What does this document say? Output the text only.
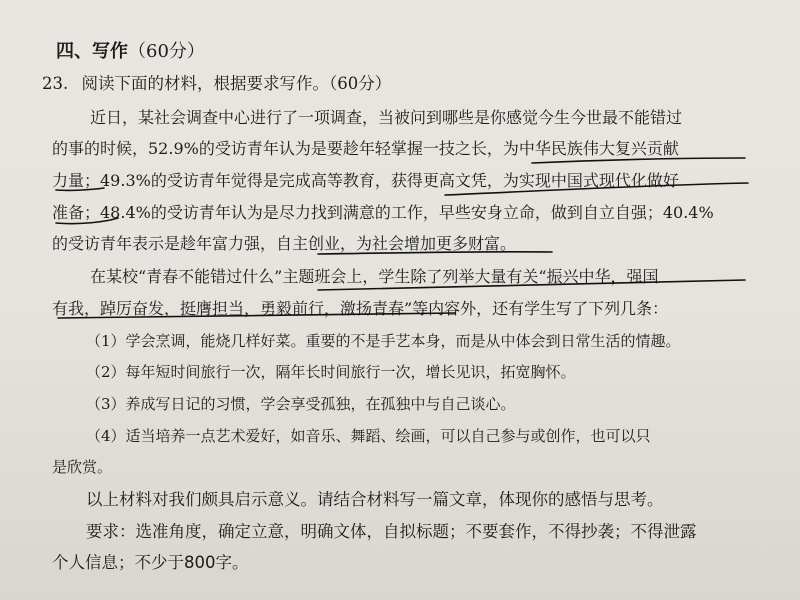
四、写作（60分）
23. 阅读下面的材料，根据要求写作。（60分）
近日，某社会调查中心进行了一项调查，当被问到哪些是你感觉今生今世最不能错过
的事的时候，52.9%的受访青年认为是要趁年轻掌握一技之长，为中华民族伟大复兴贡献
力量；49.3%的受访青年觉得是完成高等教育，获得更高文凭，为实现中国式现代化做好
准备；48.4%的受访青年认为是尽力找到满意的工作，早些安身立命，做到自立自强；40.4%
的受访青年表示是趁年富力强，自主创业，为社会增加更多财富。
在某校“青春不能错过什么”主题班会上，学生除了列举大量有关“振兴中华，强国
有我，踔厉奋发，挺膺担当，勇毅前行，激扬青春”等内容外，还有学生写了下列几条：
（1）学会烹调，能烧几样好菜。重要的不是手艺本身，而是从中体会到日常生活的情趣。
（2）每年短时间旅行一次，隔年长时间旅行一次，增长见识，拓宽胸怀。
（3）养成写日记的习惯，学会享受孤独，在孤独中与自己谈心。
（4）适当培养一点艺术爱好，如音乐、舞蹈、绘画，可以自己参与或创作，也可以只
是欣赏。
以上材料对我们颇具启示意义。请结合材料写一篇文章，体现你的感悟与思考。
要求：选准角度，确定立意，明确文体，自拟标题；不要套作，不得抄袭；不得泄露
个人信息；不少于800字。
